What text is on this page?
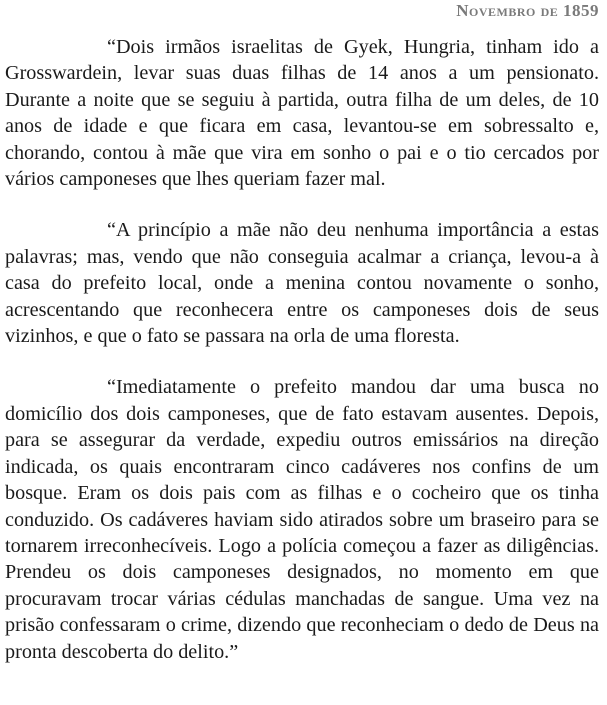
Novembro de 1859

“Dois irmãos israelitas de Gyek, Hungria, tinham ido a Grosswardein, levar suas duas filhas de 14 anos a um pensionato. Durante a noite que se seguiu à partida, outra filha de um deles, de 10 anos de idade e que ficara em casa, levantou-se em sobressalto e, chorando, contou à mãe que vira em sonho o pai e o tio cercados por vários camponeses que lhes queriam fazer mal.

“A princípio a mãe não deu nenhuma importância a estas palavras; mas, vendo que não conseguia acalmar a criança, levou-a à casa do prefeito local, onde a menina contou novamente o sonho, acrescentando que reconhecera entre os camponeses dois de seus vizinhos, e que o fato se passara na orla de uma floresta.

“Imediatamente o prefeito mandou dar uma busca no domicílio dos dois camponeses, que de fato estavam ausentes. Depois, para se assegurar da verdade, expediu outros emissários na direção indicada, os quais encontraram cinco cadáveres nos confins de um bosque. Eram os dois pais com as filhas e o cocheiro que os tinha conduzido. Os cadáveres haviam sido atirados sobre um braseiro para se tornarem irreconhecíveis. Logo a polícia começou a fazer as diligências. Prendeu os dois camponeses designados, no momento em que procuravam trocar várias cédulas manchadas de sangue. Uma vez na prisão confessaram o crime, dizendo que reconheciam o dedo de Deus na pronta descoberta do delito.”
